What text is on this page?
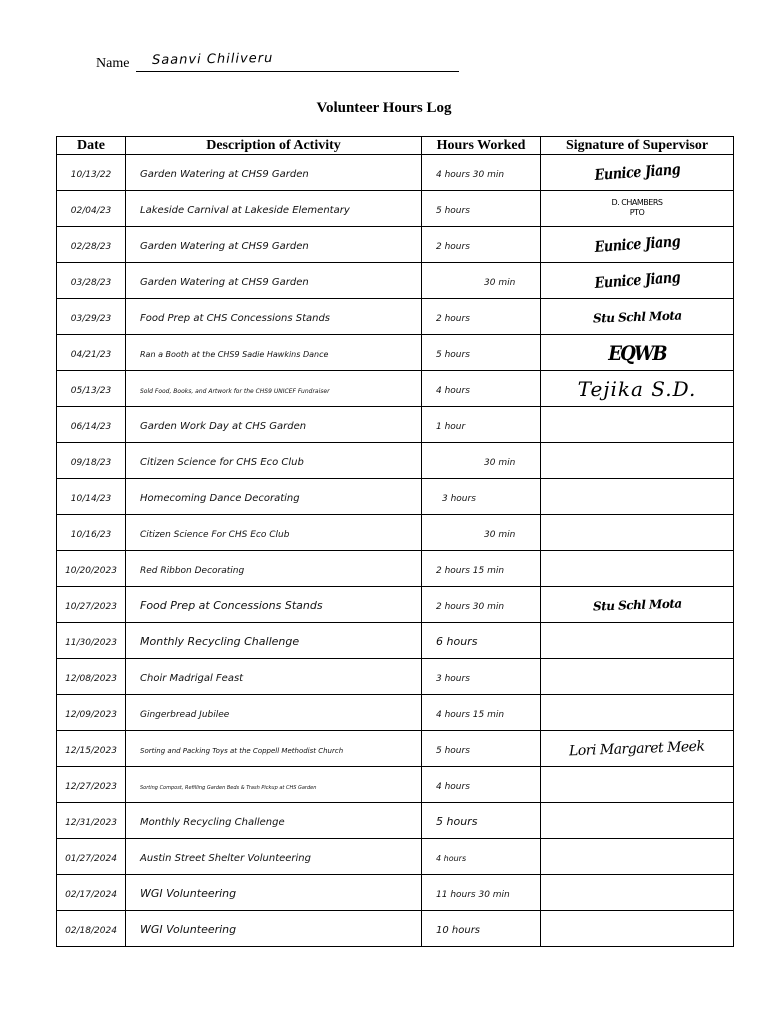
Name Saanvi Chiliveru
Volunteer Hours Log
Date	Description of Activity	Hours Worked	Signature of Supervisor
10/13/22	Garden Watering at CHS9 Garden	4 hours 30 min	Eunice Jiang
02/04/23	Lakeside Carnival at Lakeside Elementary	5 hours	D. CHAMBERS PTO
02/28/23	Garden Watering at CHS9 Garden	2 hours	Eunice Jiang
03/28/23	Garden Watering at CHS9 Garden	30 min	Eunice Jiang
03/29/23	Food Prep at CHS Concessions Stands	2 hours	Stu Schl Mota
04/21/23	Ran a Booth at the CHS9 Sadie Hawkins Dance	5 hours	EQWB
05/13/23	Sold Food, Books, and Artwork for the CHS9 UNICEF Fundraiser	4 hours	Tejika S.D.
06/14/23	Garden Work Day at CHS Garden	1 hour	
09/18/23	Citizen Science for CHS Eco Club	30 min	
10/14/23	Homecoming Dance Decorating	3 hours	
10/16/23	Citizen Science For CHS Eco Club	30 min	
10/20/2023	Red Ribbon Decorating	2 hours 15 min	
10/27/2023	Food Prep at Concessions Stands	2 hours 30 min	Stu Schl Mota
11/30/2023	Monthly Recycling Challenge	6 hours	
12/08/2023	Choir Madrigal Feast	3 hours	
12/09/2023	Gingerbread Jubilee	4 hours 15 min	
12/15/2023	Sorting and Packing Toys at the Coppell Methodist Church	5 hours	Lori Margaret Meek
12/27/2023	Sorting Compost, Refilling Garden Beds & Trash Pickup at CHS Garden	4 hours	
12/31/2023	Monthly Recycling Challenge	5 hours	
01/27/2024	Austin Street Shelter Volunteering	4 hours	
02/17/2024	WGI Volunteering	11 hours 30 min	
02/18/2024	WGI Volunteering	10 hours	
